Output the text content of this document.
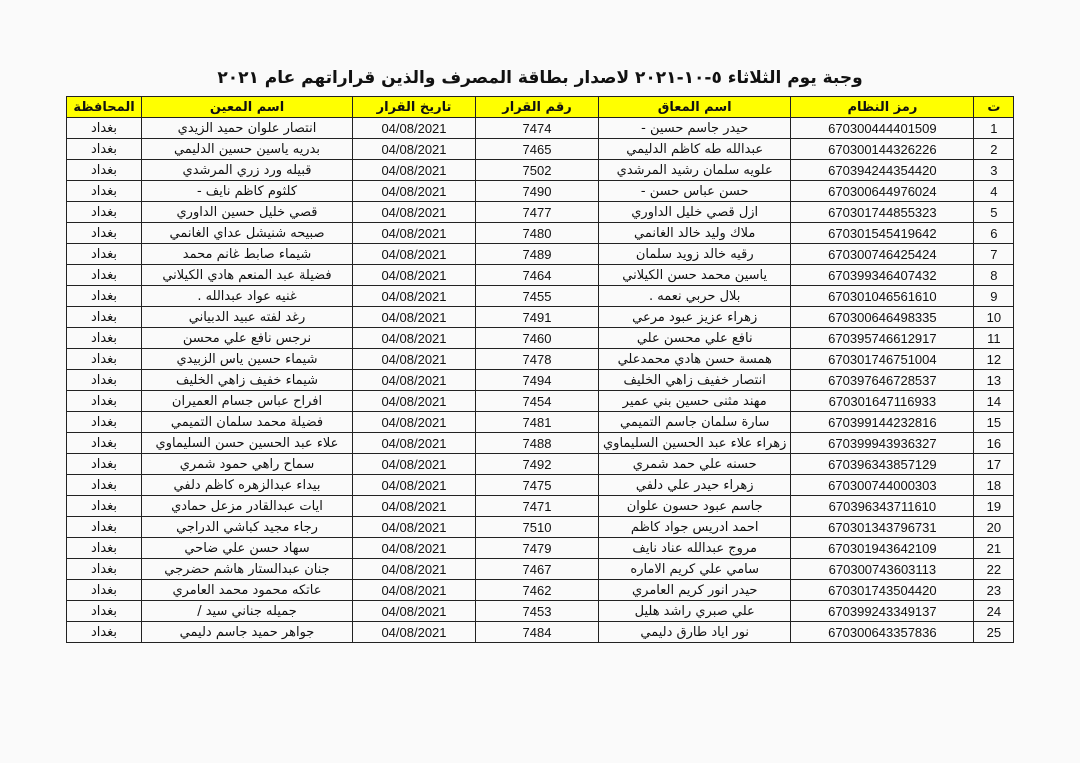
وجبة يوم الثلاثاء ٥-١٠-٢٠٢١ لاصدار بطاقة المصرف والذين قراراتهم عام ٢٠٢١
ت	رمز النظام	اسم المعاق	رقم القرار	تاريخ القرار	اسم المعين	المحافظة
1	670300444401509	حيدر جاسم حسين -	7474	04/08/2021	انتصار علوان حميد الزيدي	بغداد
2	670300144326226	عبدالله طه كاظم الدليمي	7465	04/08/2021	بدريه ياسين حسين الدليمي	بغداد
3	670394244354420	علويه سلمان رشيد المرشدي	7502	04/08/2021	قبيله ورد زري المرشدي	بغداد
4	670300644976024	حسن عباس حسن -	7490	04/08/2021	كلثوم كاظم نايف -	بغداد
5	670301744855323	ازل قصي خليل الداوري	7477	04/08/2021	قصي خليل حسين الداوري	بغداد
6	670301545419642	ملاك وليد خالد الغانمي	7480	04/08/2021	صبيحه شنيشل عداي الغانمي	بغداد
7	670300746425424	رقيه خالد زويد سلمان	7489	04/08/2021	شيماء صابط غانم محمد	بغداد
8	670399346407432	ياسين محمد حسن الكيلاني	7464	04/08/2021	فضيلة عبد المنعم هادي الكيلاني	بغداد
9	670301046561610	بلال حربي نعمه .	7455	04/08/2021	غنيه عواد عبدالله .	بغداد
10	670300646498335	زهراء عزيز عبود مرعي	7491	04/08/2021	رغد لفته عبيد الدبياني	بغداد
11	670395746612917	نافع علي محسن علي	7460	04/08/2021	نرجس نافع علي محسن	بغداد
12	670301746751004	همسة حسن هادي محمدعلي	7478	04/08/2021	شيماء حسين ياس الزبيدي	بغداد
13	670397646728537	انتصار خفيف زاهي الخليف	7494	04/08/2021	شيماء خفيف زاهي الخليف	بغداد
14	670301647116933	مهند مثنى حسين بني عمير	7454	04/08/2021	افراح عباس جسام العميران	بغداد
15	670399144232816	سارة سلمان جاسم التميمي	7481	04/08/2021	فضيلة محمد سلمان التميمي	بغداد
16	670399943936327	زهراء علاء عبد الحسين السليماوي	7488	04/08/2021	علاء عبد الحسين حسن السليماوي	بغداد
17	670396343857129	حسنه علي حمد شمري	7492	04/08/2021	سماح راهي حمود شمري	بغداد
18	670300744000303	زهراء حيدر علي دلفي	7475	04/08/2021	بيداء عبدالزهره كاظم دلفي	بغداد
19	670396343711610	جاسم عبود حسون علوان	7471	04/08/2021	ايات عبدالقادر مزعل حمادي	بغداد
20	670301343796731	احمد ادريس جواد كاظم	7510	04/08/2021	رجاء مجيد كباشي الدراجي	بغداد
21	670301943642109	مروج عبدالله عناد نايف	7479	04/08/2021	سهاد حسن علي ضاحي	بغداد
22	670300743603113	سامي علي كريم الاماره	7467	04/08/2021	جنان عبدالستار هاشم حضرجي	بغداد
23	670301743504420	حيدر انور كريم العامري	7462	04/08/2021	عاتكه محمود محمد العامري	بغداد
24	670399243349137	علي صبري راشد هليل	7453	04/08/2021	جميله جناني سيد /	بغداد
25	670300643357836	نور اياد طارق دليمي	7484	04/08/2021	جواهر حميد جاسم دليمي	بغداد
